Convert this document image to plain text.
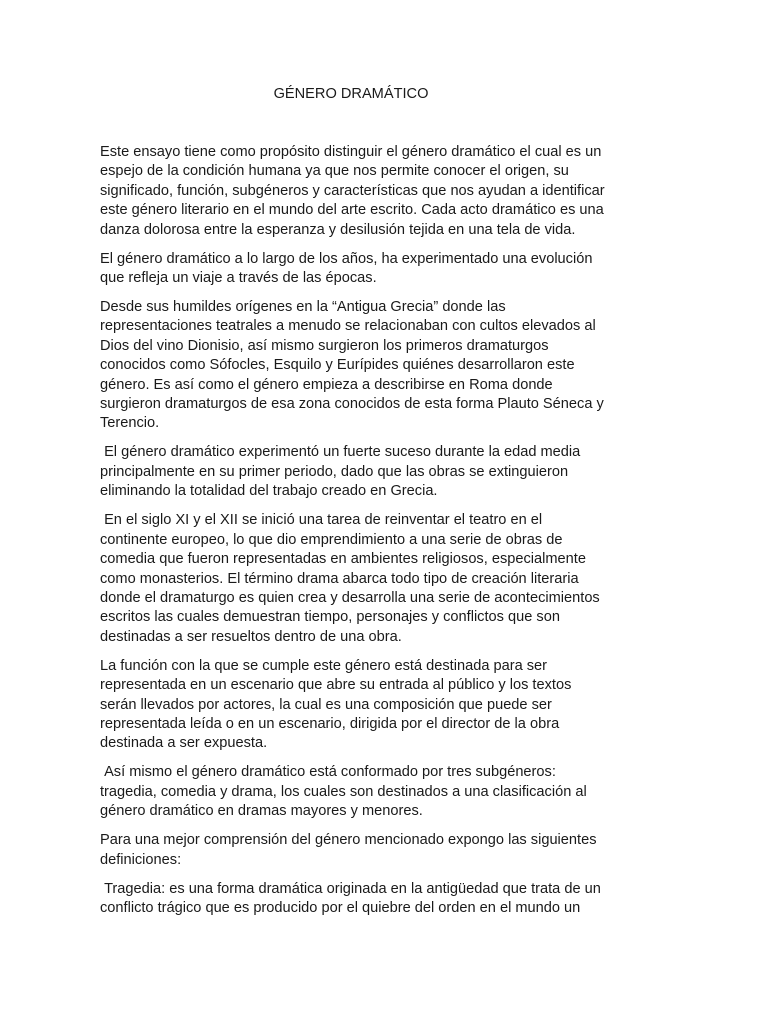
GÉNERO DRAMÁTICO

Este ensayo tiene como propósito distinguir el género dramático el cual es un espejo de la condición humana ya que nos permite conocer el origen, su significado, función, subgéneros y características que nos ayudan a identificar este género literario en el mundo del arte escrito. Cada acto dramático es una danza dolorosa entre la esperanza y desilusión tejida en una tela de vida.

El género dramático a lo largo de los años, ha experimentado una evolución que refleja un viaje a través de las épocas.

Desde sus humildes orígenes en la “Antigua Grecia” donde las representaciones teatrales a menudo se relacionaban con cultos elevados al Dios del vino Dionisio, así mismo surgieron los primeros dramaturgos conocidos como Sófocles, Esquilo y Eurípides quiénes desarrollaron este género. Es así como el género empieza a describirse en Roma donde surgieron dramaturgos de esa zona conocidos de esta forma Plauto Séneca y Terencio.

El género dramático experimentó un fuerte suceso durante la edad media principalmente en su primer periodo, dado que las obras se extinguieron eliminando la totalidad del trabajo creado en Grecia.

En el siglo XI y el XII se inició una tarea de reinventar el teatro en el continente europeo, lo que dio emprendimiento a una serie de obras de comedia que fueron representadas en ambientes religiosos, especialmente como monasterios. El término drama abarca todo tipo de creación literaria donde el dramaturgo es quien crea y desarrolla una serie de acontecimientos escritos las cuales demuestran tiempo, personajes y conflictos que son destinadas a ser resueltos dentro de una obra.

La función con la que se cumple este género está destinada para ser representada en un escenario que abre su entrada al público y los textos serán llevados por actores, la cual es una composición que puede ser representada leída o en un escenario, dirigida por el director de la obra destinada a ser expuesta.

Así mismo el género dramático está conformado por tres subgéneros: tragedia, comedia y drama, los cuales son destinados a una clasificación al género dramático en dramas mayores y menores.

Para una mejor comprensión del género mencionado expongo las siguientes definiciones:

Tragedia: es una forma dramática originada en la antigüedad que trata de un conflicto trágico que es producido por el quiebre del orden en el mundo un
